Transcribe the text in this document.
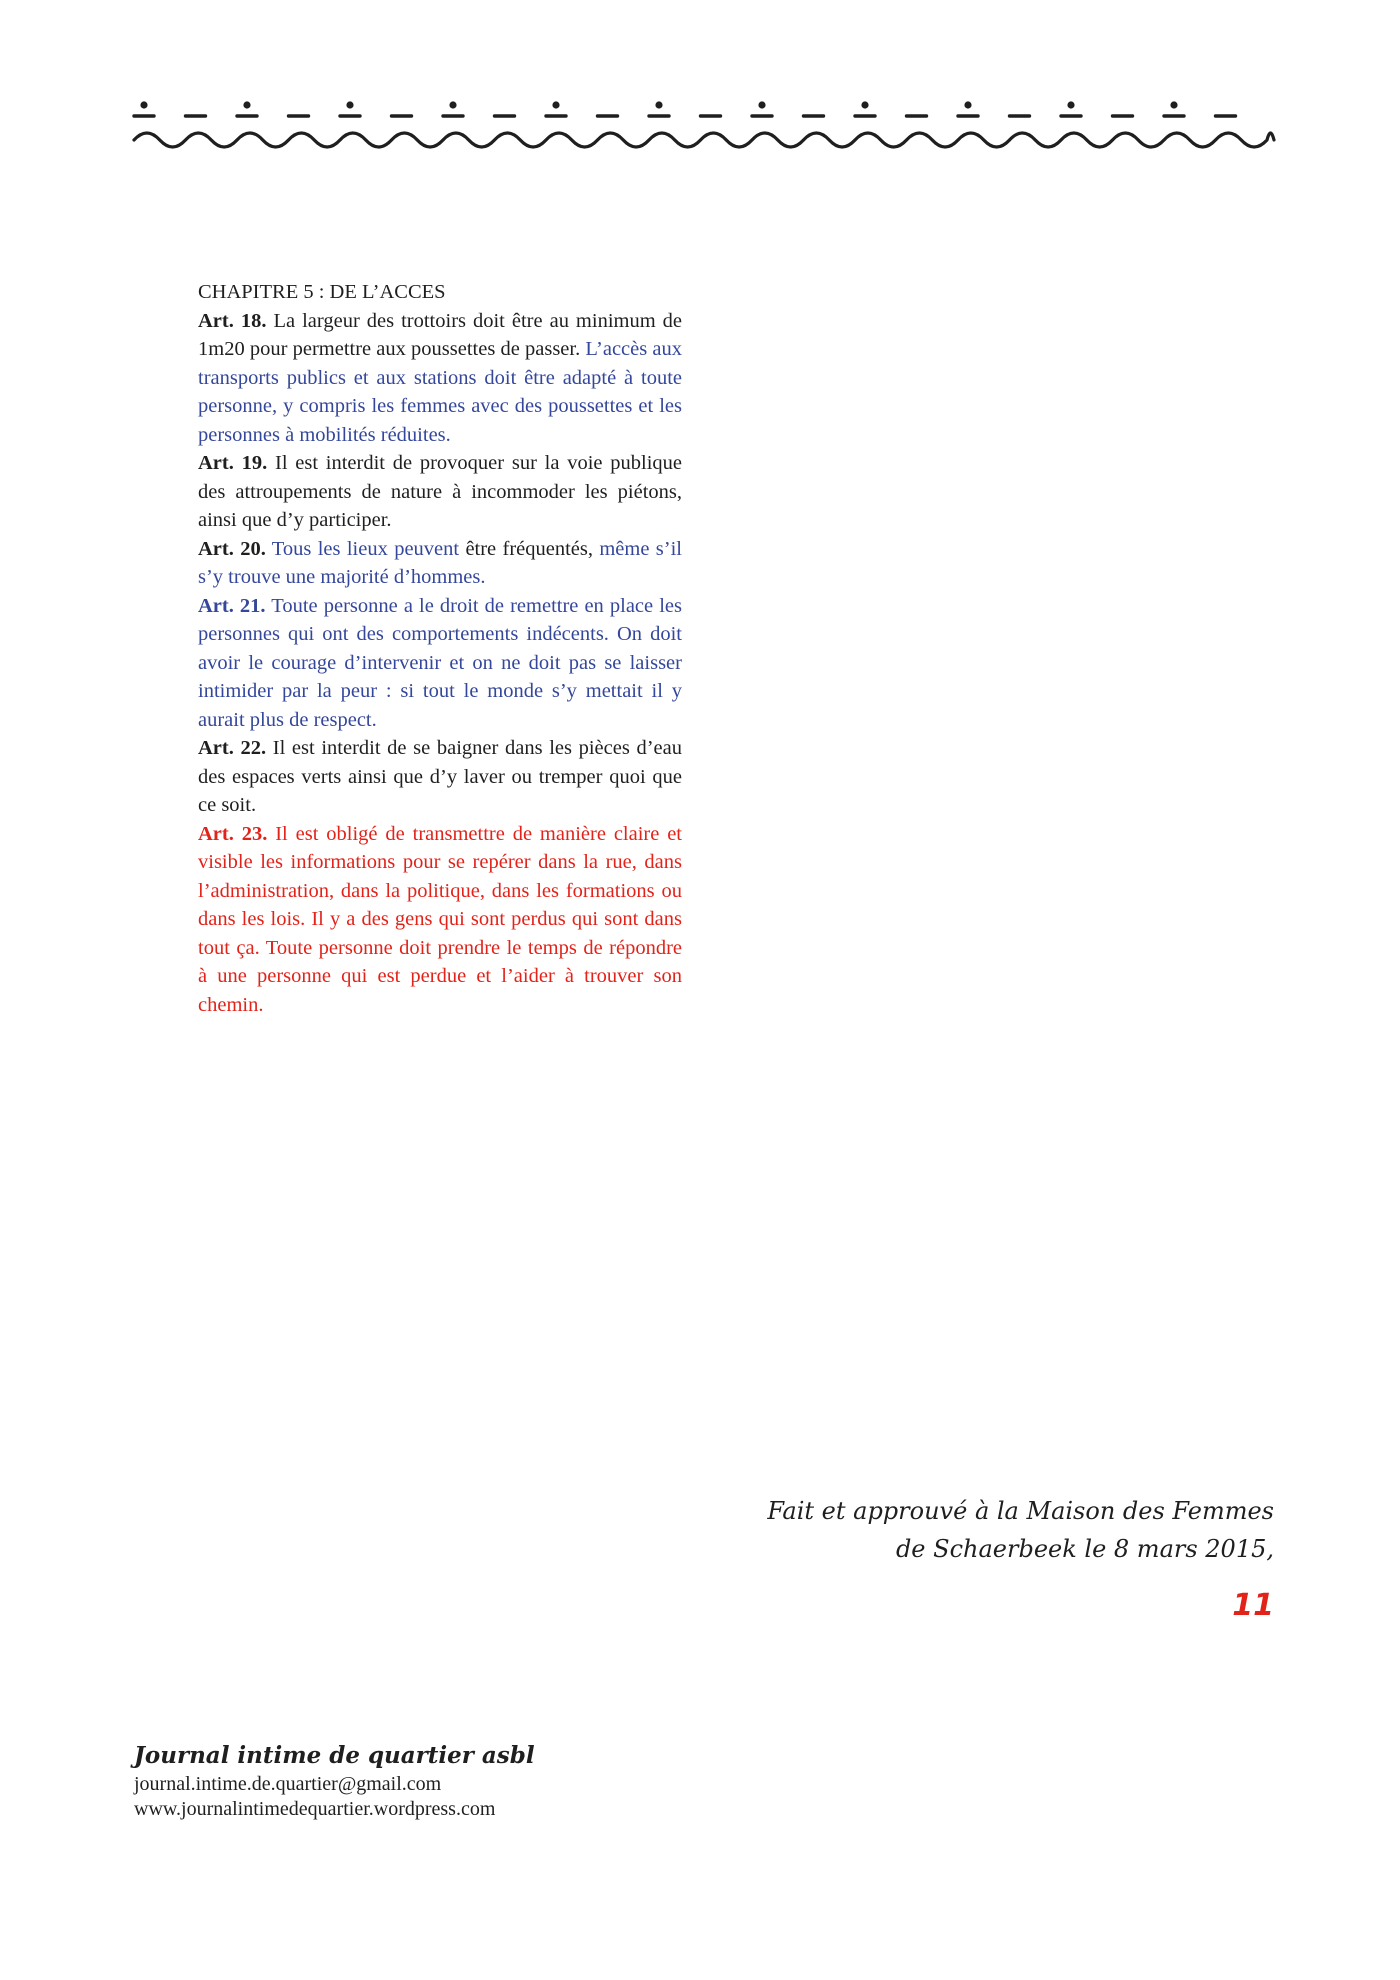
CHAPITRE 5 : DE L’ACCES

Art. 18. La largeur des trottoirs doit être au minimum de 1m20 pour permettre aux poussettes de passer. L’accès aux transports publics et aux stations doit être adapté à toute personne, y compris les femmes avec des poussettes et les personnes à mobilités réduites.

Art. 19. Il est interdit de provoquer sur la voie publique des attroupements de nature à incommoder les piétons, ainsi que d’y participer.

Art. 20. Tous les lieux peuvent être fréquentés, même s’il s’y trouve une majorité d’hommes.

Art. 21. Toute personne a le droit de remettre en place les personnes qui ont des comportements indécents. On doit avoir le courage d’intervenir et on ne doit pas se laisser intimider par la peur : si tout le monde s’y mettait il y aurait plus de respect.

Art. 22. Il est interdit de se baigner dans les pièces d’eau des espaces verts ainsi que d’y laver ou tremper quoi que ce soit.

Art. 23. Il est obligé de transmettre de manière claire et visible les informations pour se repérer dans la rue, dans l’administration, dans la politique, dans les formations ou dans les lois. Il y a des gens qui sont perdus qui sont dans tout ça. Toute personne doit prendre le temps de répondre à une personne qui est perdue et l’aider à trouver son chemin.

Fait et approuvé à la Maison des Femmes
de Schaerbeek le 8 mars 2015,
11
Journal intime de quartier asbl
journal.intime.de.quartier@gmail.com
www.journalintimedequartier.wordpress.com
